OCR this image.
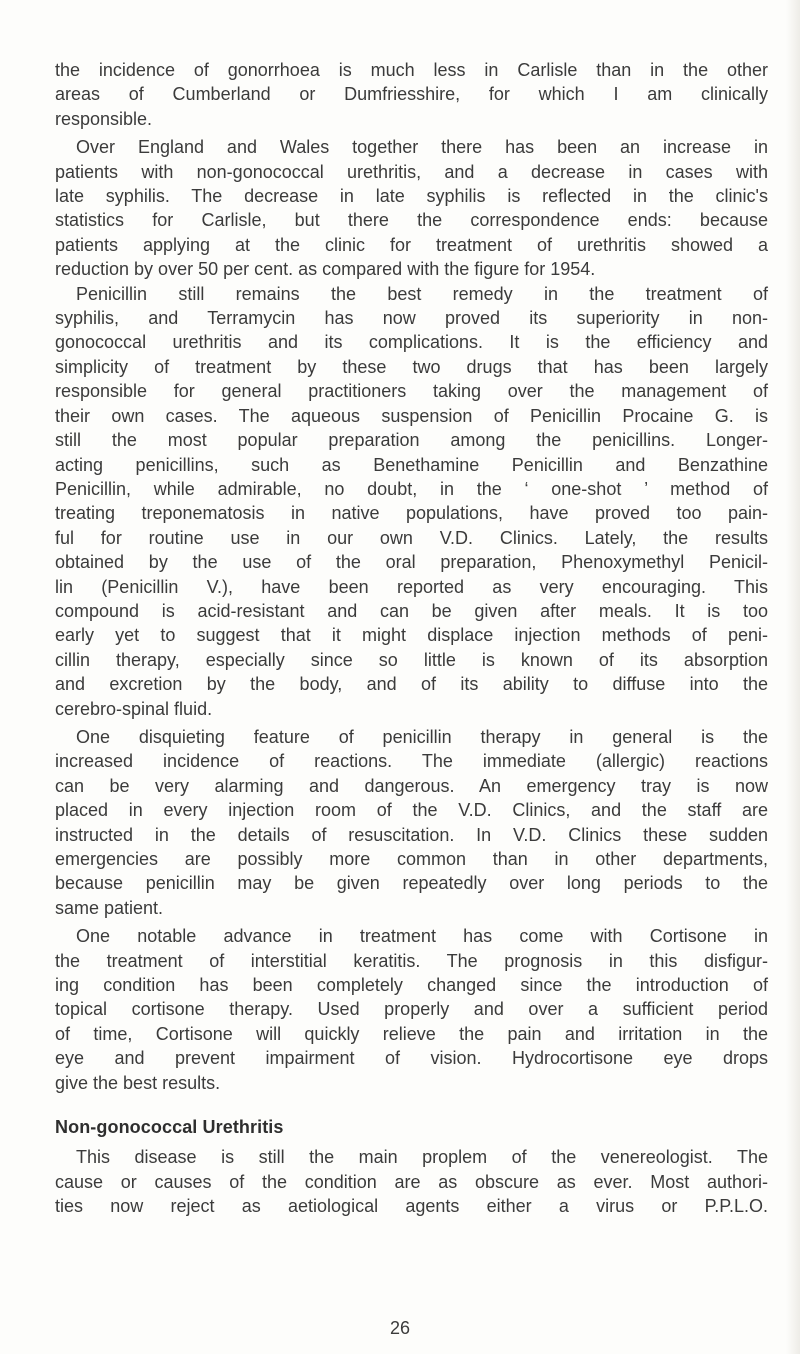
the incidence of gonorrhoea is much less in Carlisle than in the other
areas of Cumberland or Dumfriesshire, for which I am clinically
responsible.
Over England and Wales together there has been an increase in
patients with non-gonococcal urethritis, and a decrease in cases with
late syphilis. The decrease in late syphilis is reflected in the clinic's
statistics for Carlisle, but there the correspondence ends: because
patients applying at the clinic for treatment of urethritis showed a
reduction by over 50 per cent. as compared with the figure for 1954.
Penicillin still remains the best remedy in the treatment of
syphilis, and Terramycin has now proved its superiority in non-
gonococcal urethritis and its complications. It is the efficiency and
simplicity of treatment by these two drugs that has been largely
responsible for general practitioners taking over the management of
their own cases. The aqueous suspension of Penicillin Procaine G. is
still the most popular preparation among the penicillins. Longer-
acting penicillins, such as Benethamine Penicillin and Benzathine
Penicillin, while admirable, no doubt, in the ‘ one-shot ’ method of
treating treponematosis in native populations, have proved too pain-
ful for routine use in our own V.D. Clinics. Lately, the results
obtained by the use of the oral preparation, Phenoxymethyl Penicil-
lin (Penicillin V.), have been reported as very encouraging. This
compound is acid-resistant and can be given after meals. It is too
early yet to suggest that it might displace injection methods of peni-
cillin therapy, especially since so little is known of its absorption
and excretion by the body, and of its ability to diffuse into the
cerebro-spinal fluid.
One disquieting feature of penicillin therapy in general is the
increased incidence of reactions. The immediate (allergic) reactions
can be very alarming and dangerous. An emergency tray is now
placed in every injection room of the V.D. Clinics, and the staff are
instructed in the details of resuscitation. In V.D. Clinics these sudden
emergencies are possibly more common than in other departments,
because penicillin may be given repeatedly over long periods to the
same patient.
One notable advance in treatment has come with Cortisone in
the treatment of interstitial keratitis. The prognosis in this disfigur-
ing condition has been completely changed since the introduction of
topical cortisone therapy. Used properly and over a sufficient period
of time, Cortisone will quickly relieve the pain and irritation in the
eye and prevent impairment of vision. Hydrocortisone eye drops
give the best results.
Non-gonococcal Urethritis
This disease is still the main proplem of the venereologist. The
cause or causes of the condition are as obscure as ever. Most authori-
ties now reject as aetiological agents either a virus or P.P.L.O.
26
